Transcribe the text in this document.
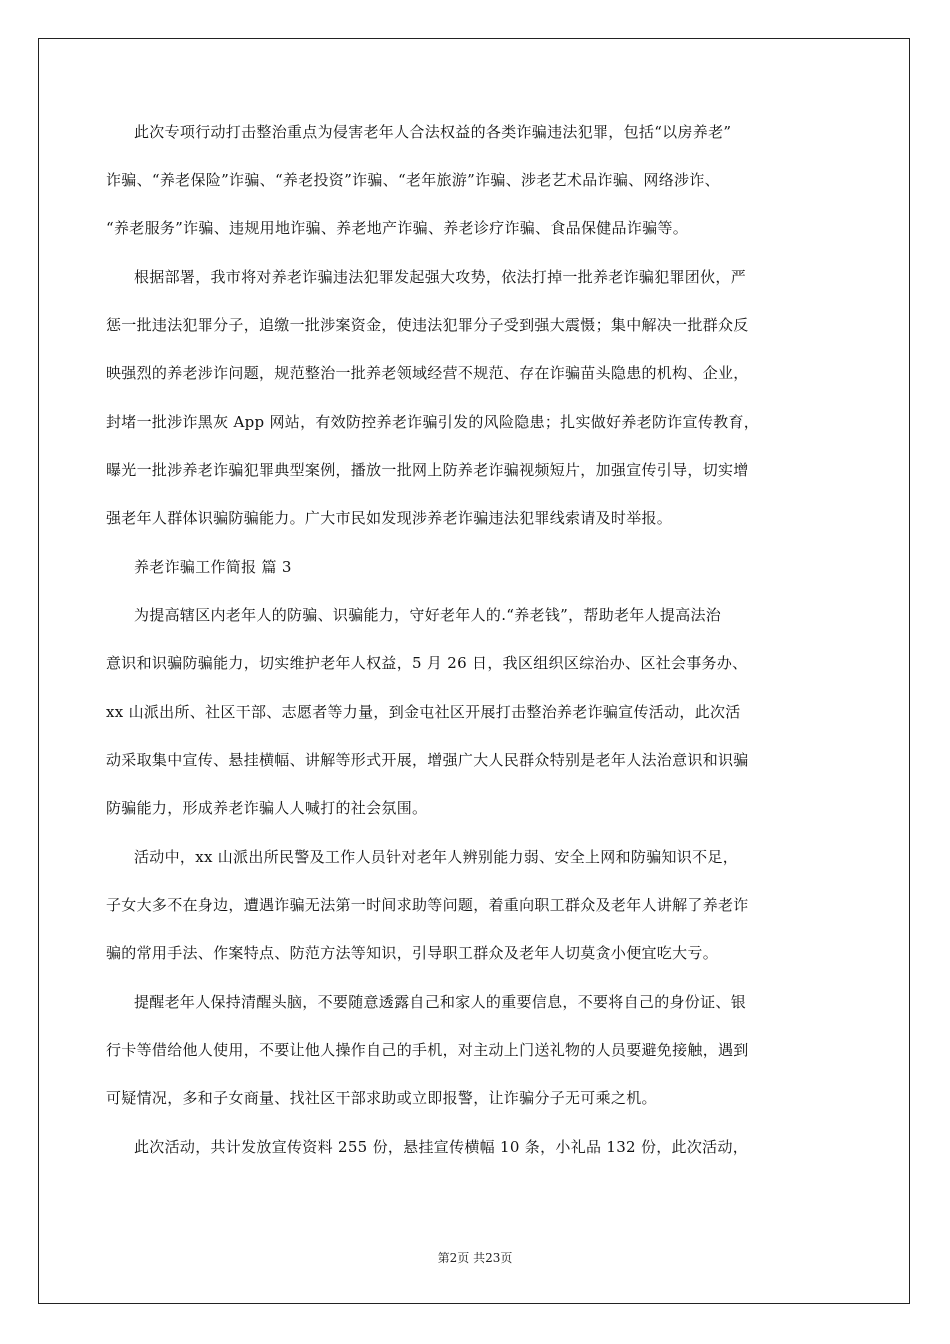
此次专项行动打击整治重点为侵害老年人合法权益的各类诈骗违法犯罪，包括“以房养老”
诈骗、“养老保险”诈骗、“养老投资”诈骗、“老年旅游”诈骗、涉老艺术品诈骗、网络涉诈、
“养老服务”诈骗、违规用地诈骗、养老地产诈骗、养老诊疗诈骗、食品保健品诈骗等。
根据部署，我市将对养老诈骗违法犯罪发起强大攻势，依法打掉一批养老诈骗犯罪团伙，严
惩一批违法犯罪分子，追缴一批涉案资金，使违法犯罪分子受到强大震慑；集中解决一批群众反
映强烈的养老涉诈问题，规范整治一批养老领域经营不规范、存在诈骗苗头隐患的机构、企业，
封堵一批涉诈黑灰 App 网站，有效防控养老诈骗引发的风险隐患；扎实做好养老防诈宣传教育，
曝光一批涉养老诈骗犯罪典型案例，播放一批网上防养老诈骗视频短片，加强宣传引导，切实增
强老年人群体识骗防骗能力。广大市民如发现涉养老诈骗违法犯罪线索请及时举报。
养老诈骗工作简报 篇 3
为提高辖区内老年人的防骗、识骗能力，守好老年人的.“养老钱”，帮助老年人提高法治
意识和识骗防骗能力，切实维护老年人权益，5 月 26 日，我区组织区综治办、区社会事务办、
xx 山派出所、社区干部、志愿者等力量，到金屯社区开展打击整治养老诈骗宣传活动，此次活
动采取集中宣传、悬挂横幅、讲解等形式开展，增强广大人民群众特别是老年人法治意识和识骗
防骗能力，形成养老诈骗人人喊打的社会氛围。
活动中，xx 山派出所民警及工作人员针对老年人辨别能力弱、安全上网和防骗知识不足，
子女大多不在身边，遭遇诈骗无法第一时间求助等问题，着重向职工群众及老年人讲解了养老诈
骗的常用手法、作案特点、防范方法等知识，引导职工群众及老年人切莫贪小便宜吃大亏。
提醒老年人保持清醒头脑，不要随意透露自己和家人的重要信息，不要将自己的身份证、银
行卡等借给他人使用，不要让他人操作自己的手机，对主动上门送礼物的人员要避免接触，遇到
可疑情况，多和子女商量、找社区干部求助或立即报警，让诈骗分子无可乘之机。
此次活动，共计发放宣传资料 255 份，悬挂宣传横幅 10 条，小礼品 132 份，此次活动，
第2页 共23页
